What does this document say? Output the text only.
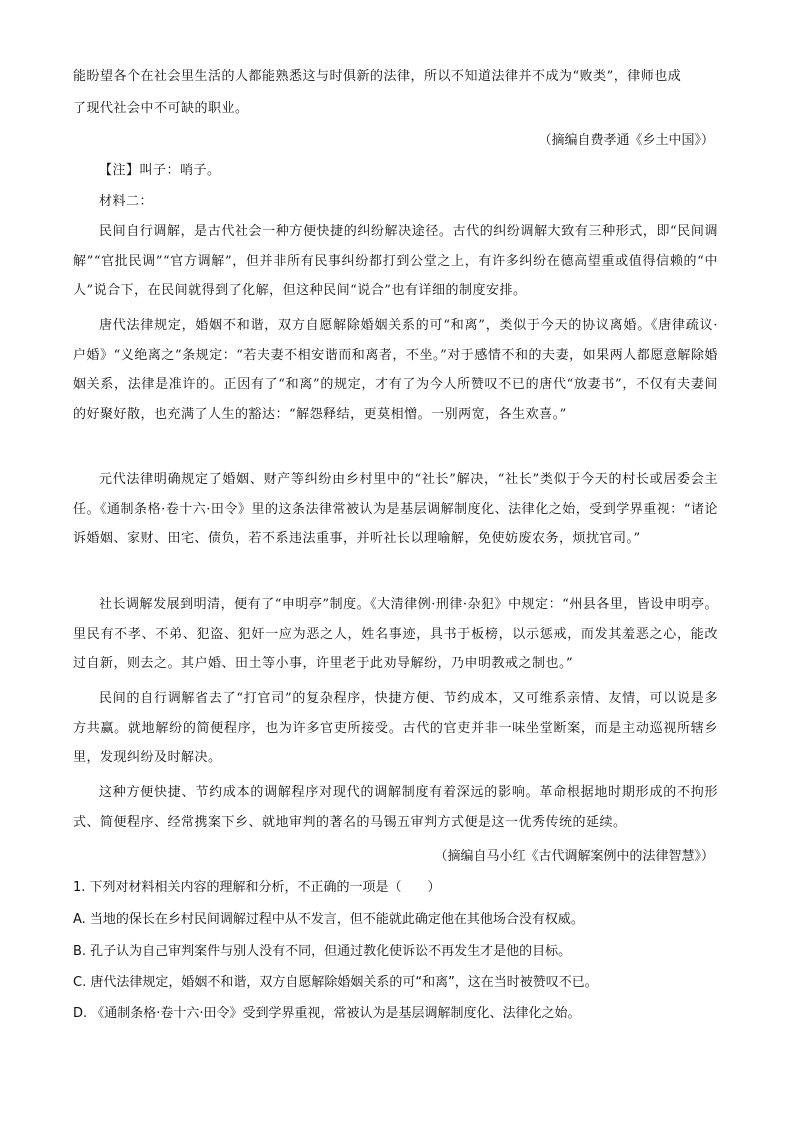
能盼望各个在社会里生活的人都能熟悉这与时俱新的法律，所以不知道法律并不成为“败类”，律师也成
了现代社会中不可缺的职业。
（摘编自费孝通《乡土中国》）
【注】叫子：哨子。
材料二：
民间自行调解，是古代社会一种方便快捷的纠纷解决途径。古代的纠纷调解大致有三种形式，即“民间调解”“官批民调”“官方调解”，但并非所有民事纠纷都打到公堂之上，有许多纠纷在德高望重或值得信赖的“中人”说合下，在民间就得到了化解，但这种民间“说合”也有详细的制度安排。
唐代法律规定，婚姻不和谐，双方自愿解除婚姻关系的可“和离”，类似于今天的协议离婚。《唐律疏议·户婚》“义绝离之”条规定：“若夫妻不相安谐而和离者，不坐。”对于感情不和的夫妻，如果两人都愿意解除婚姻关系，法律是准许的。正因有了“和离”的规定，才有了为今人所赞叹不已的唐代“放妻书”，不仅有夫妻间的好聚好散，也充满了人生的豁达：“解怨释结，更莫相憎。一别两宽，各生欢喜。”
元代法律明确规定了婚姻、财产等纠纷由乡村里中的“社长”解决，“社长”类似于今天的村长或居委会主任。《通制条格·卷十六·田令》里的这条法律常被认为是基层调解制度化、法律化之始，受到学界重视：“诸论诉婚姻、家财、田宅、债负，若不系违法重事，并听社长以理喻解，免使妨废农务，烦扰官司。”
社长调解发展到明清，便有了“申明亭”制度。《大清律例·刑律·杂犯》中规定：“州县各里，皆设申明亭。里民有不孝、不弟、犯盗、犯奸一应为恶之人，姓名事迹，具书于板榜，以示惩戒，而发其羞恶之心，能改过自新，则去之。其户婚、田土等小事，许里老于此劝导解纷，乃申明教戒之制也。”
民间的自行调解省去了“打官司”的复杂程序，快捷方便、节约成本，又可维系亲情、友情，可以说是多方共赢。就地解纷的简便程序，也为许多官吏所接受。古代的官吏并非一味坐堂断案，而是主动巡视所辖乡里，发现纠纷及时解决。
这种方便快捷、节约成本的调解程序对现代的调解制度有着深远的影响。革命根据地时期形成的不拘形式、简便程序、经常携案下乡、就地审判的著名的马锡五审判方式便是这一优秀传统的延续。
（摘编自马小红《古代调解案例中的法律智慧》）
1. 下列对材料相关内容的理解和分析，不正确的一项是（　　）
A. 当地的保长在乡村民间调解过程中从不发言，但不能就此确定他在其他场合没有权威。
B. 孔子认为自己审判案件与别人没有不同，但通过教化使诉讼不再发生才是他的目标。
C. 唐代法律规定，婚姻不和谐，双方自愿解除婚姻关系的可“和离”，这在当时被赞叹不已。
D. 《通制条格·卷十六·田令》受到学界重视，常被认为是基层调解制度化、法律化之始。
